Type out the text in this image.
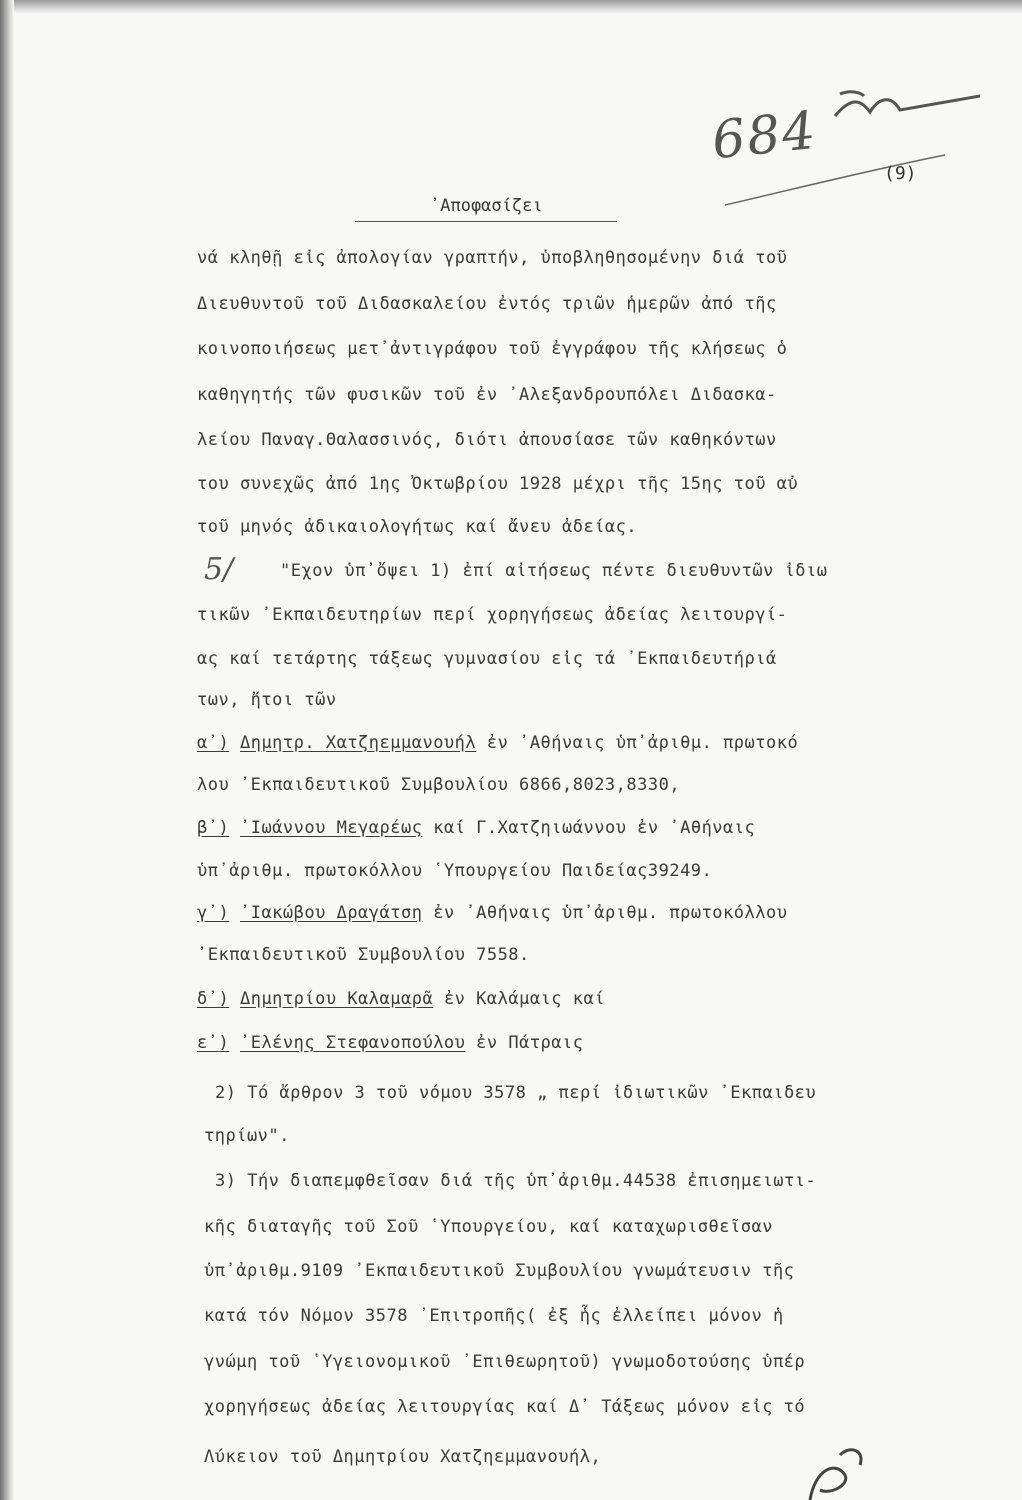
684
(9)
᾽Αποφασίζει
νά κληθῇ εἰς ἀπολογίαν γραπτήν, ὑποβληθησομένην διά τοῦ
Διευθυντοῦ τοῦ Διδασκαλείου ἐντός τριῶν ἡμερῶν ἀπό τῆς
κοινοποιήσεως μετ᾽ἀντιγράφου τοῦ ἐγγράφου τῆς κλήσεως ὁ
καθηγητής τῶν φυσικῶν τοῦ ἐν ᾽Αλεξανδρουπόλει Διδασκα-
λείου Παναγ.Θαλασσινός, διότι ἀπουσίασε τῶν καθηκόντων
του συνεχῶς ἀπό 1ης Ὀκτωβρίου 1928 μέχρι τῆς 15ης τοῦ αὐ
τοῦ μηνός ἀδικαιολογήτως καί ἄνευ ἀδείας.
5/	"Εχον ὑπ᾽ὄψει 1) ἐπί αἰτήσεως πέντε διευθυντῶν ἰδιω
τικῶν ᾽Εκπαιδευτηρίων περί χορηγήσεως ἀδείας λειτουργί-
ας καί τετάρτης τάξεως γυμνασίου εἰς τά ᾽Εκπαιδευτήριά
των, ἤτοι τῶν
α᾽) Δημητρ. Χατζηεμμανουήλ ἐν ᾽Αθήναις ὑπ᾽ἀριθμ. πρωτοκό
λου ᾽Εκπαιδευτικοῦ Συμβουλίου 6866,8023,8330,
β᾽) ᾽Ιωάννου Μεγαρέως καί Γ.Χατζηιωάννου ἐν ᾽Αθήναις
ὑπ᾽ἀριθμ. πρωτοκόλλου ῾Υπουργείου Παιδείας39249.
γ᾽) ᾽Ιακώβου Δραγάτση ἐν ᾽Αθήναις ὑπ᾽ἀριθμ. πρωτοκόλλου
᾽Εκπαιδευτικοῦ Συμβουλίου 7558.
δ᾽) Δημητρίου Καλαμαρᾶ ἐν Καλάμαις καί
ε᾽) ᾽Ελένης Στεφανοπούλου ἐν Πάτραις
2) Τό ἄρθρον 3 τοῦ νόμου 3578 „ περί ἰδιωτικῶν ᾽Εκπαιδευ
τηρίων".
3) Τήν διαπεμφθεῖσαν διά τῆς ὑπ᾽ἀριθμ.44538 ἐπισημειωτι-
κῆς διαταγῆς τοῦ Σοῦ ῾Υπουργείου, καί καταχωρισθεῖσαν
ὑπ᾽ἀριθμ.9109 ᾽Εκπαιδευτικοῦ Συμβουλίου γνωμάτευσιν τῆς
κατά τόν Νόμον 3578 ᾽Επιτροπῆς( ἐξ ἧς ἐλλείπει μόνον ἡ
γνώμη τοῦ ῾Υγειονομικοῦ ᾽Επιθεωρητοῦ) γνωμοδοτούσης ὑπέρ
χορηγήσεως ἀδείας λειτουργίας καί Δ᾽ Τάξεως μόνον εἰς τό
Λύκειον τοῦ Δημητρίου Χατζηεμμανουήλ,
